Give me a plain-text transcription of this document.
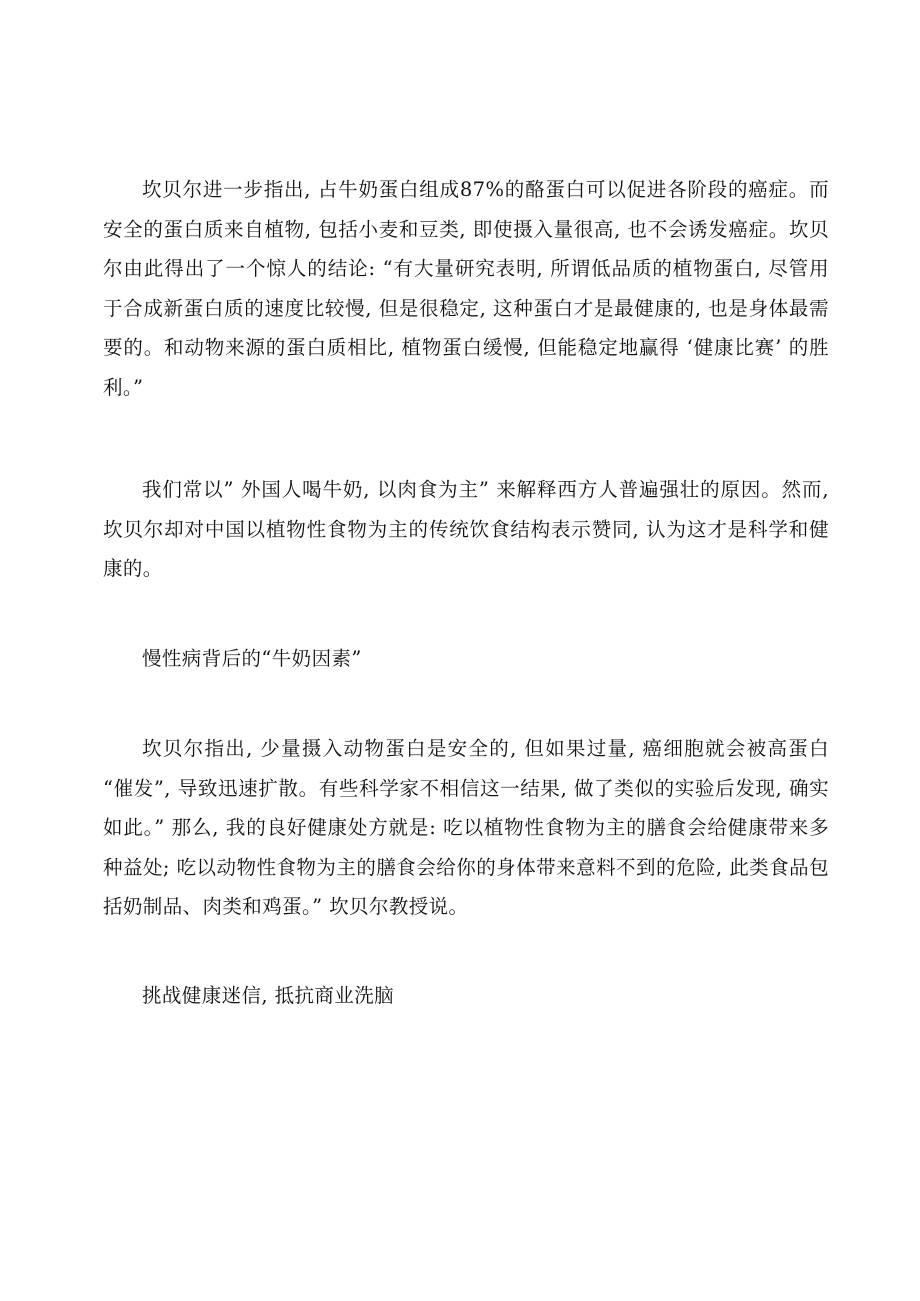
坎贝尔进一步指出, 占牛奶蛋白组成87%的酪蛋白可以促进各阶段的癌症。而安全的蛋白质来自植物, 包括小麦和豆类, 即使摄入量很高, 也不会诱发癌症。坎贝尔由此得出了一个惊人的结论: “有大量研究表明, 所谓低品质的植物蛋白, 尽管用于合成新蛋白质的速度比较慢, 但是很稳定, 这种蛋白才是最健康的, 也是身体最需要的。和动物来源的蛋白质相比, 植物蛋白缓慢, 但能稳定地赢得 ‘健康比赛’ 的胜利。”

我们常以” 外国人喝牛奶, 以肉食为主” 来解释西方人普遍强壮的原因。然而, 坎贝尔却对中国以植物性食物为主的传统饮食结构表示赞同, 认为这才是科学和健康的。

慢性病背后的“牛奶因素”

坎贝尔指出, 少量摄入动物蛋白是安全的, 但如果过量, 癌细胞就会被高蛋白 “催发”, 导致迅速扩散。有些科学家不相信这一结果, 做了类似的实验后发现, 确实如此。” 那么, 我的良好健康处方就是: 吃以植物性食物为主的膳食会给健康带来多种益处; 吃以动物性食物为主的膳食会给你的身体带来意料不到的危险, 此类食品包括奶制品、肉类和鸡蛋。” 坎贝尔教授说。

挑战健康迷信, 抵抗商业洗脑
